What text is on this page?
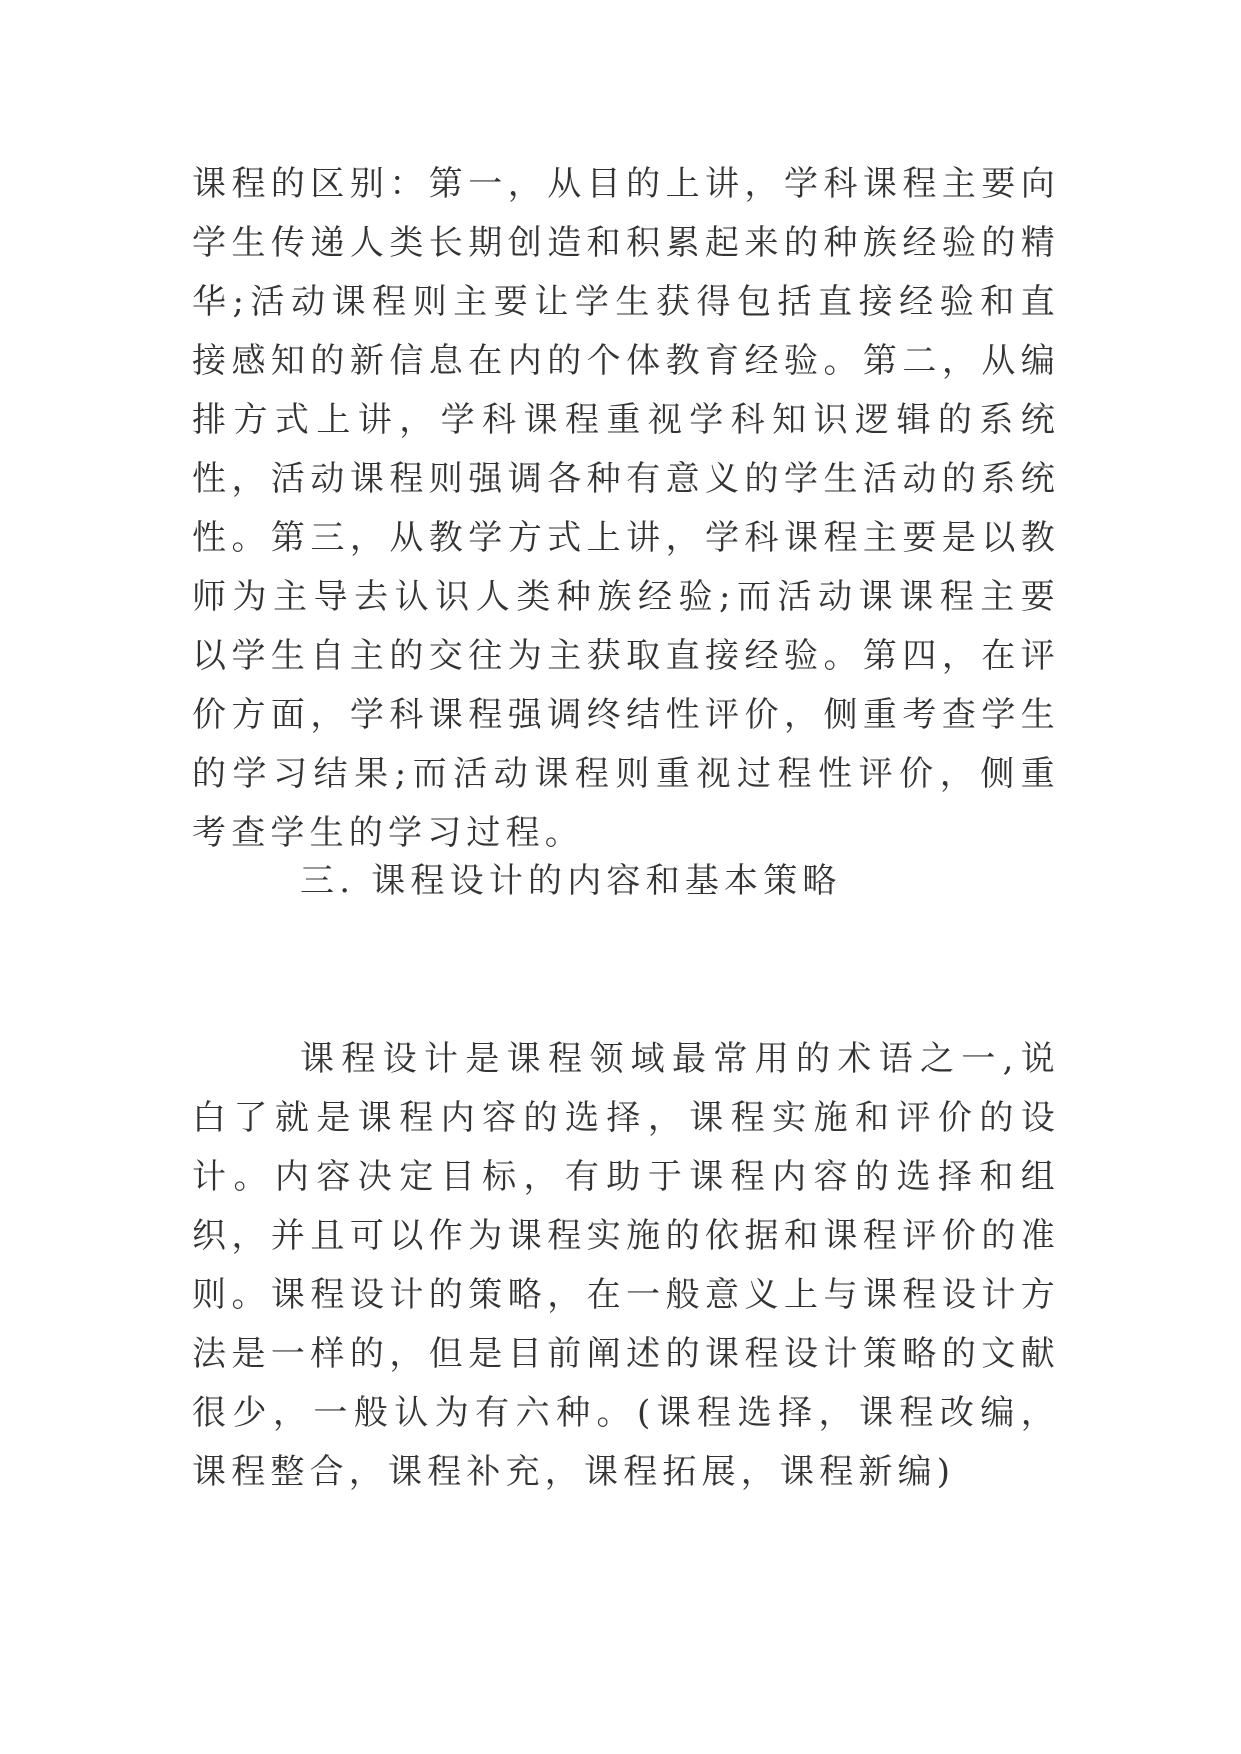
课程的区别：第一，从目的上讲，学科课程主要向学生传递人类长期创造和积累起来的种族经验的精华;活动课程则主要让学生获得包括直接经验和直接感知的新信息在内的个体教育经验。第二，从编排方式上讲，学科课程重视学科知识逻辑的系统性，活动课程则强调各种有意义的学生活动的系统性。第三，从教学方式上讲，学科课程主要是以教师为主导去认识人类种族经验;而活动课课程主要以学生自主的交往为主获取直接经验。第四，在评价方面，学科课程强调终结性评价，侧重考查学生的学习结果;而活动课程则重视过程性评价，侧重考查学生的学习过程。

三. 课程设计的内容和基本策略

课程设计是课程领域最常用的术语之一,说白了就是课程内容的选择，课程实施和评价的设计。内容决定目标，有助于课程内容的选择和组织，并且可以作为课程实施的依据和课程评价的准则。课程设计的策略，在一般意义上与课程设计方法是一样的，但是目前阐述的课程设计策略的文献很少，一般认为有六种。(课程选择，课程改编，课程整合，课程补充，课程拓展，课程新编)
